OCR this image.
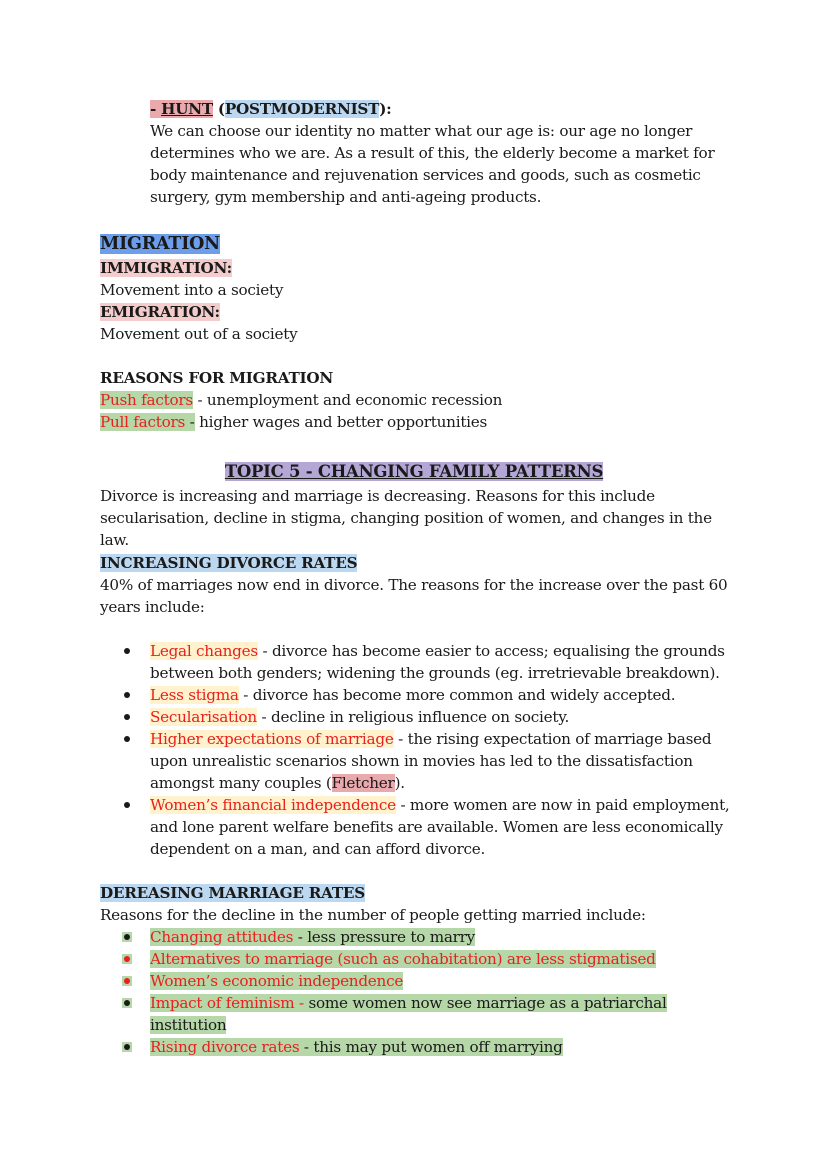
- HUNT (POSTMODERNIST):
We can choose our identity no matter what our age is: our age no longer
determines who we are. As a result of this, the elderly become a market for
body maintenance and rejuvenation services and goods, such as cosmetic
surgery, gym membership and anti-ageing products.
MIGRATION
IMMIGRATION:
Movement into a society
EMIGRATION:
Movement out of a society
REASONS FOR MIGRATION
Push factors - unemployment and economic recession
Pull factors - higher wages and better opportunities
TOPIC 5 - CHANGING FAMILY PATTERNS
Divorce is increasing and marriage is decreasing. Reasons for this include
secularisation, decline in stigma, changing position of women, and changes in the
law.
INCREASING DIVORCE RATES
40% of marriages now end in divorce. The reasons for the increase over the past 60
years include:
Legal changes - divorce has become easier to access; equalising the grounds
between both genders; widening the grounds (eg. irretrievable breakdown).
Less stigma - divorce has become more common and widely accepted.
Secularisation - decline in religious influence on society.
Higher expectations of marriage - the rising expectation of marriage based
upon unrealistic scenarios shown in movies has led to the dissatisfaction
amongst many couples (Fletcher).
Women’s financial independence - more women are now in paid employment,
and lone parent welfare benefits are available. Women are less economically
dependent on a man, and can afford divorce.
DEREASING MARRIAGE RATES
Reasons for the decline in the number of people getting married include:
Changing attitudes - less pressure to marry
Alternatives to marriage (such as cohabitation) are less stigmatised
Women’s economic independence
Impact of feminism - some women now see marriage as a patriarchal
institution
Rising divorce rates - this may put women off marrying
